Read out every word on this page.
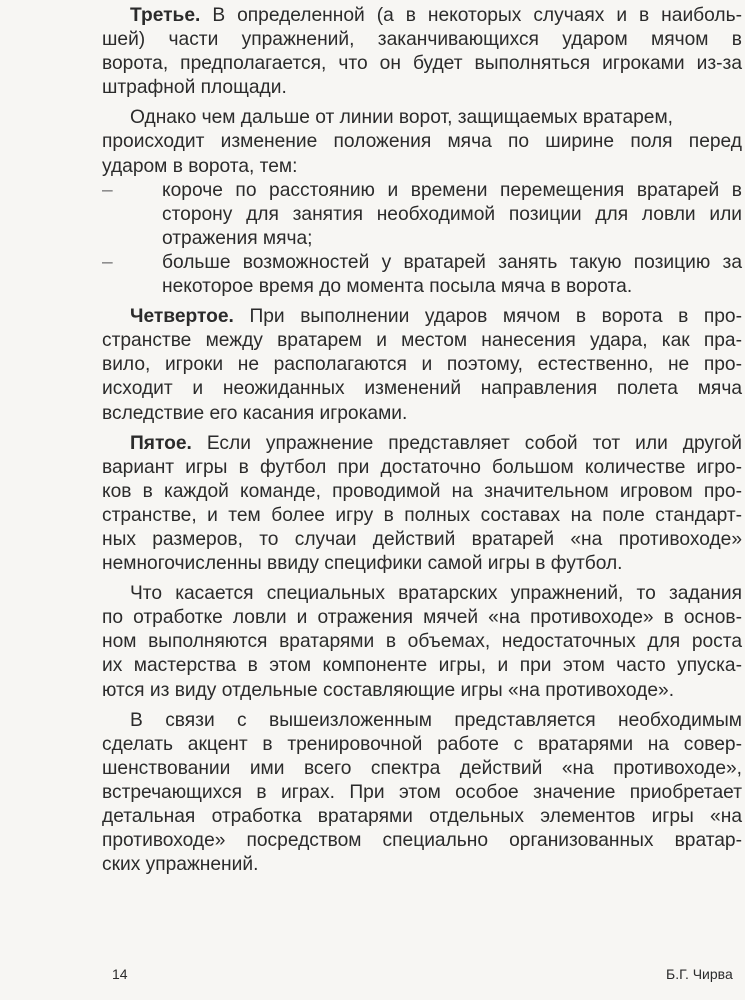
Третье. В определенной (а в некоторых случаях и в наиболь-
шей) части упражнений, заканчивающихся ударом мячом в
ворота, предполагается, что он будет выполняться игроками из-за
штрафной площади.
Однако чем дальше от линии ворот, защищаемых вратарем,
происходит изменение положения мяча по ширине поля перед
ударом в ворота, тем:
–	короче по расстоянию и времени перемещения вратарей в
сторону для занятия необходимой позиции для ловли или
отражения мяча;
–	больше возможностей у вратарей занять такую позицию за
некоторое время до момента посыла мяча в ворота.
Четвертое. При выполнении ударов мячом в ворота в про-
странстве между вратарем и местом нанесения удара, как пра-
вило, игроки не располагаются и поэтому, естественно, не про-
исходит и неожиданных изменений направления полета мяча
вследствие его касания игроками.
Пятое. Если упражнение представляет собой тот или другой
вариант игры в футбол при достаточно большом количестве игро-
ков в каждой команде, проводимой на значительном игровом про-
странстве, и тем более игру в полных составах на поле стандарт-
ных размеров, то случаи действий вратарей «на противоходе»
немногочисленны ввиду специфики самой игры в футбол.
Что касается специальных вратарских упражнений, то задания
по отработке ловли и отражения мячей «на противоходе» в основ-
ном выполняются вратарями в объемах, недостаточных для роста
их мастерства в этом компоненте игры, и при этом часто упуска-
ются из виду отдельные составляющие игры «на противоходе».
В связи с вышеизложенным представляется необходимым
сделать акцент в тренировочной работе с вратарями на совер-
шенствовании ими всего спектра действий «на противоходе»,
встречающихся в играх. При этом особое значение приобретает
детальная отработка вратарями отдельных элементов игры «на
противоходе» посредством специально организованных вратар-
ских упражнений.
14	Б.Г. Чирва
